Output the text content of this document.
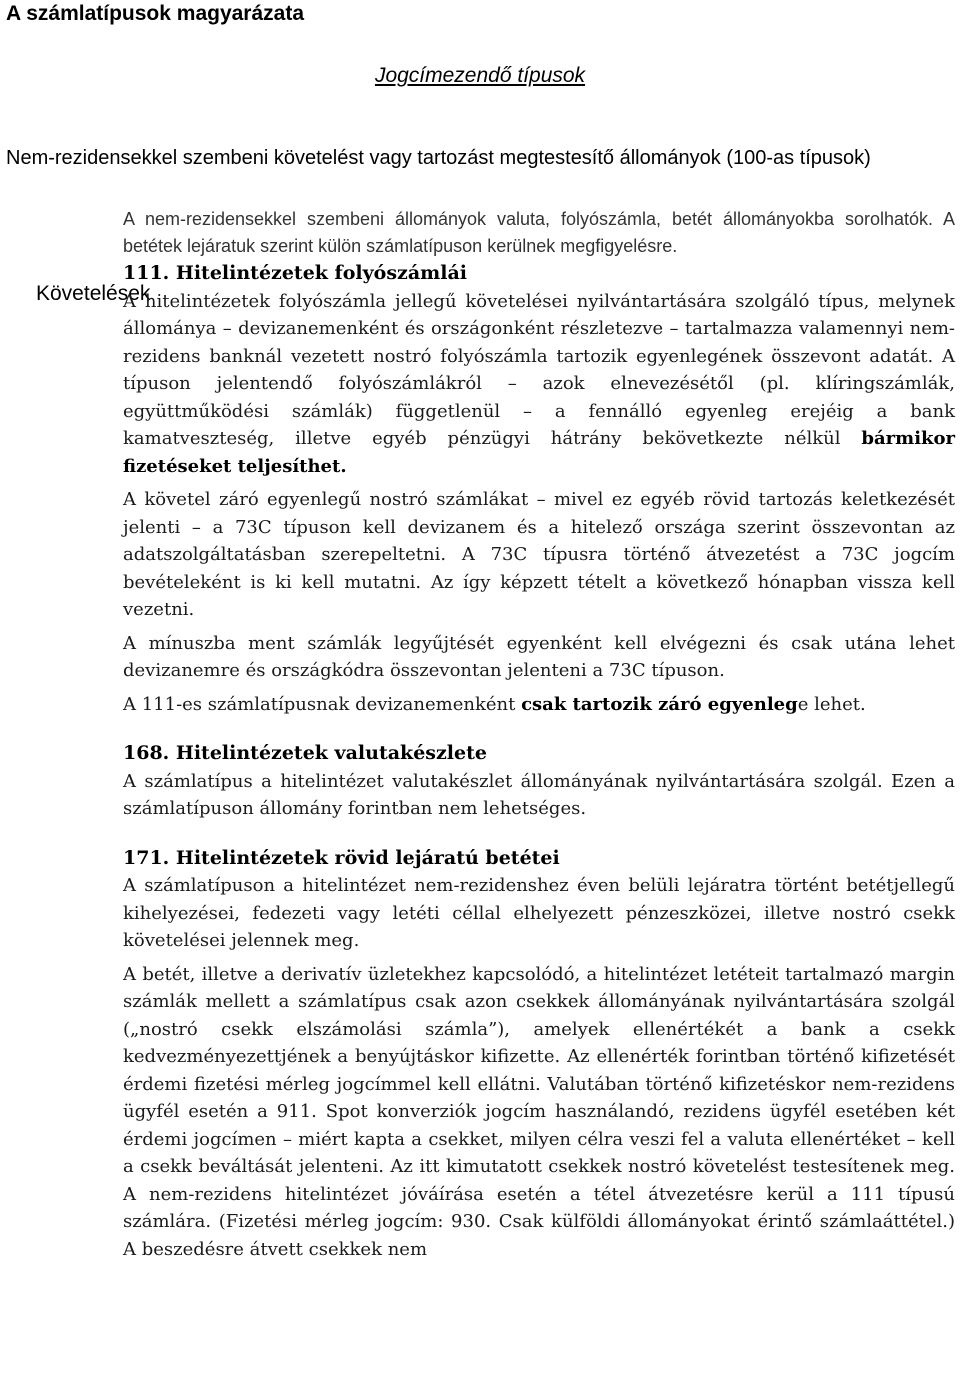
A számlatípusok magyarázata
Jogcímezendő típusok
Nem-rezidensekkel szembeni követelést vagy tartozást megtestesítő állományok (100-as típusok)
Követelések

A nem-rezidensekkel szembeni állományok valuta, folyószámla, betét állományokba sorolhatók. A betétek lejáratuk szerint külön számlatípuson kerülnek megfigyelésre.

111. Hitelintézetek folyószámlái

A hitelintézetek folyószámla jellegű követelései nyilvántartására szolgáló típus, melynek állománya – devizanemenként és országonként részletezve – tartalmazza valamennyi nem-rezidens banknál vezetett nostró folyószámla tartozik egyenlegének összevont adatát. A típuson jelentendő folyószámlákról – azok elnevezésétől (pl. klíringszámlák, együttműködési számlák) függetlenül – a fennálló egyenleg erejéig a bank kamatveszteség, illetve egyéb pénzügyi hátrány bekövetkezte nélkül bármikor fizetéseket teljesíthet.

A követel záró egyenlegű nostró számlákat – mivel ez egyéb rövid tartozás keletkezését jelenti – a 73C típuson kell devizanem és a hitelező országa szerint összevontan az adatszolgáltatásban szerepeltetni. A 73C típusra történő átvezetést a 73C jogcím bevételeként is ki kell mutatni. Az így képzett tételt a következő hónapban vissza kell vezetni.

A mínuszba ment számlák legyűjtését egyenként kell elvégezni és csak utána lehet devizanemre és országkódra összevontan jelenteni a 73C típuson.

A 111-es számlatípusnak devizanemenként csak tartozik záró egyenlege lehet.

168. Hitelintézetek valutakészlete

A számlatípus a hitelintézet valutakészlet állományának nyilvántartására szolgál. Ezen a számlatípuson állomány forintban nem lehetséges.

171. Hitelintézetek rövid lejáratú betétei

A számlatípuson a hitelintézet nem-rezidenshez éven belüli lejáratra történt betétjellegű kihelyezései, fedezeti vagy letéti céllal elhelyezett pénzeszközei, illetve nostró csekk követelései jelennek meg.

A betét, illetve a derivatív üzletekhez kapcsolódó, a hitelintézet letéteit tartalmazó margin számlák mellett a számlatípus csak azon csekkek állományának nyilvántartására szolgál („nostró csekk elszámolási számla”), amelyek ellenértékét a bank a csekk kedvezményezettjének a benyújtáskor kifizette. Az ellenérték forintban történő kifizetését érdemi fizetési mérleg jogcímmel kell ellátni. Valutában történő kifizetéskor nem-rezidens ügyfél esetén a 911. Spot konverziók jogcím használandó, rezidens ügyfél esetében két érdemi jogcímen – miért kapta a csekket, milyen célra veszi fel a valuta ellenértéket – kell a csekk beváltását jelenteni. Az itt kimutatott csekkek nostró követelést testesítenek meg. A nem-rezidens hitelintézet jóváírása esetén a tétel átvezetésre kerül a 111 típusú számlára. (Fizetési mérleg jogcím: 930. Csak külföldi állományokat érintő számlaáttétel.) A beszedésre átvett csekkek nem
